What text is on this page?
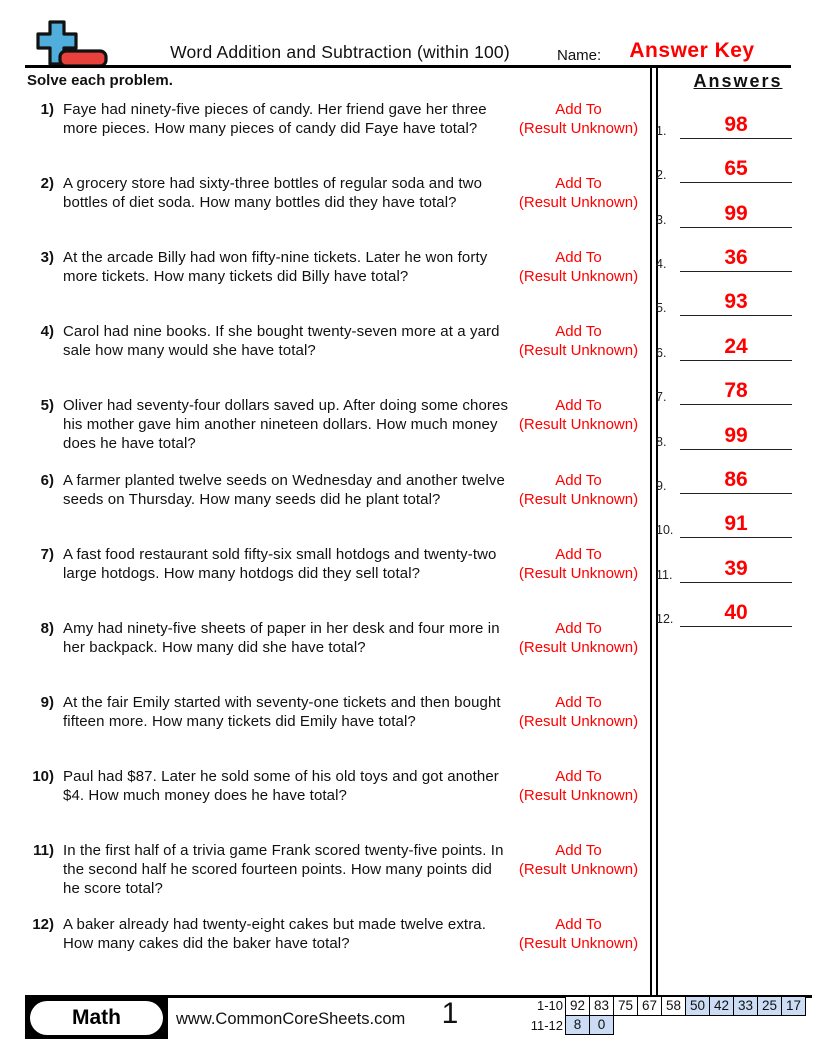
Word Addition and Subtraction (within 100)	Name:	Answer Key
Solve each problem.	Answers
1.	98
2.	65
3.	99
4.	36
5.	93
6.	24
7.	78
8.	99
9.	86
10.	91
11.	39
12.	40
1) Faye had ninety-five pieces of candy. Her friend gave her three more pieces. How many pieces of candy did Faye have total?
Add To
(Result Unknown)
2) A grocery store had sixty-three bottles of regular soda and two bottles of diet soda. How many bottles did they have total?
Add To
(Result Unknown)
3) At the arcade Billy had won fifty-nine tickets. Later he won forty more tickets. How many tickets did Billy have total?
Add To
(Result Unknown)
4) Carol had nine books. If she bought twenty-seven more at a yard sale how many would she have total?
Add To
(Result Unknown)
5) Oliver had seventy-four dollars saved up. After doing some chores his mother gave him another nineteen dollars. How much money does he have total?
Add To
(Result Unknown)
6) A farmer planted twelve seeds on Wednesday and another twelve seeds on Thursday. How many seeds did he plant total?
Add To
(Result Unknown)
7) A fast food restaurant sold fifty-six small hotdogs and twenty-two large hotdogs. How many hotdogs did they sell total?
Add To
(Result Unknown)
8) Amy had ninety-five sheets of paper in her desk and four more in her backpack. How many did she have total?
Add To
(Result Unknown)
9) At the fair Emily started with seventy-one tickets and then bought fifteen more. How many tickets did Emily have total?
Add To
(Result Unknown)
10) Paul had $87. Later he sold some of his old toys and got another $4. How much money does he have total?
Add To
(Result Unknown)
11) In the first half of a trivia game Frank scored twenty-five points. In the second half he scored fourteen points. How many points did he score total?
Add To
(Result Unknown)
12) A baker already had twenty-eight cakes but made twelve extra. How many cakes did the baker have total?
Add To
(Result Unknown)
Math	www.CommonCoreSheets.com	1	1-10 92 83 75 67 58 50 42 33 25 17
11-12 8	0
